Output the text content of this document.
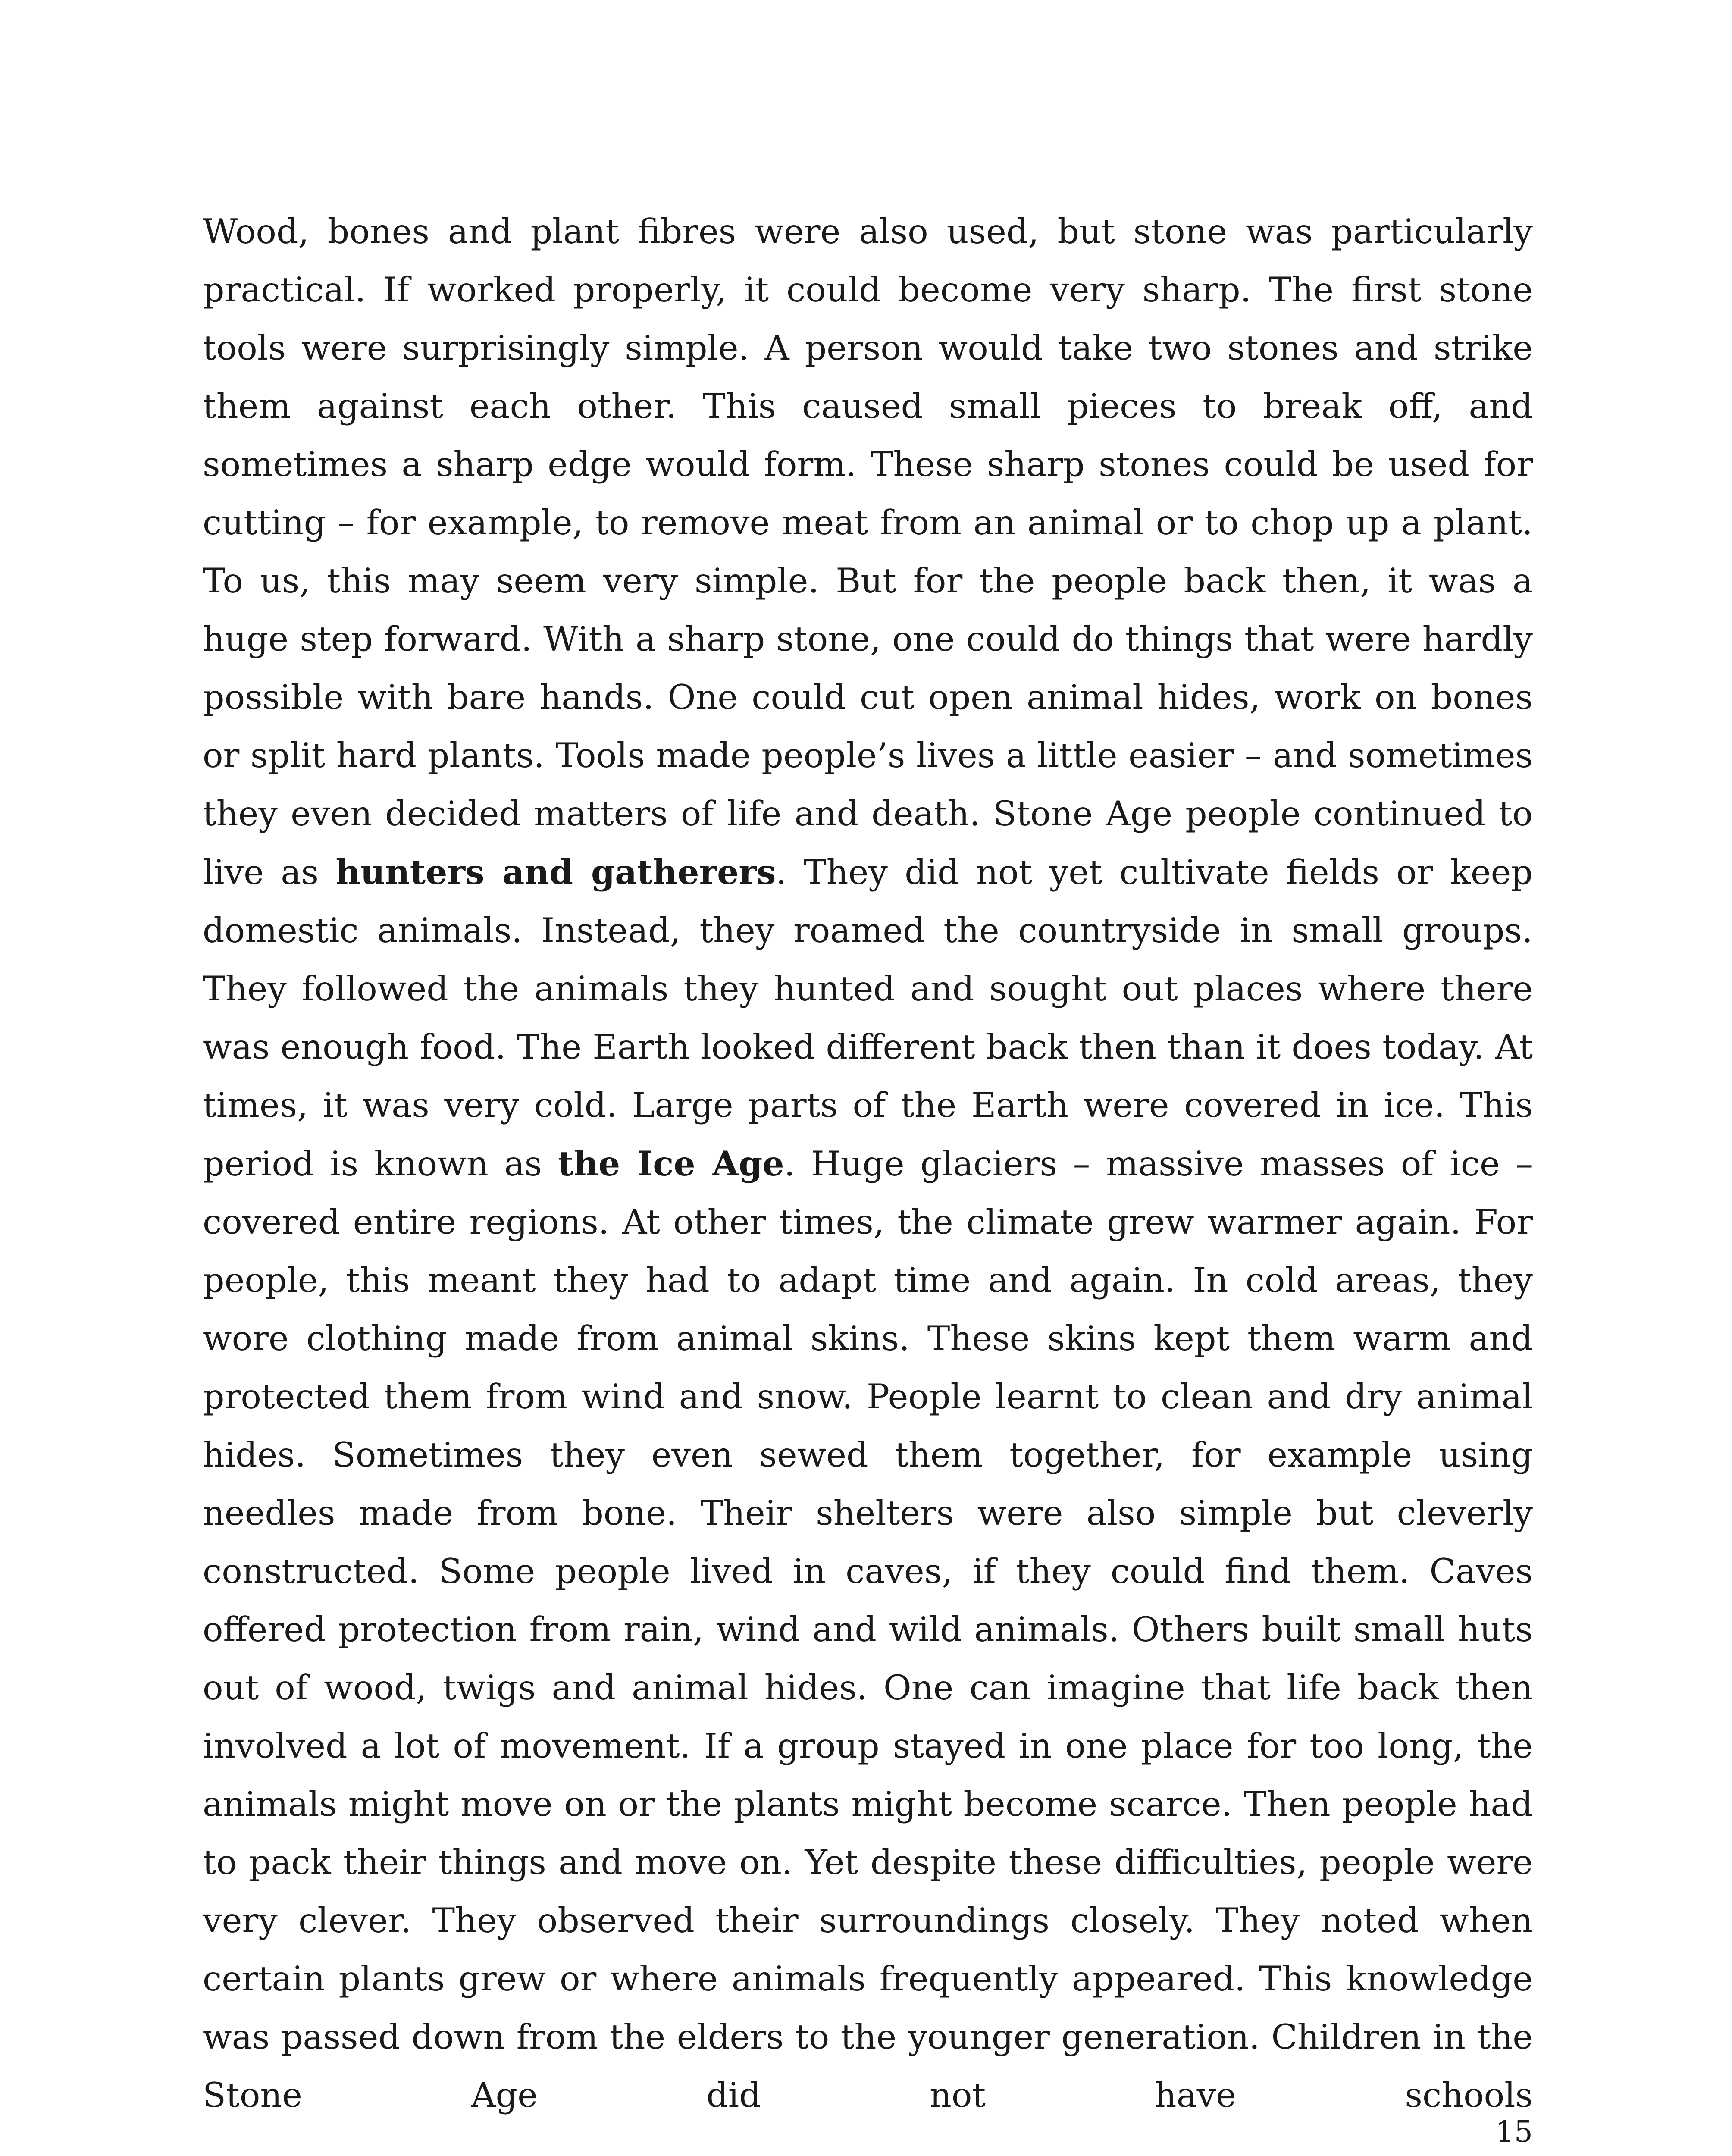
Wood, bones and plant fibres were also used, but stone was particularly practical. If worked properly, it could become very sharp. The first stone tools were surprisingly simple. A person would take two stones and strike them against each other. This caused small pieces to break off, and sometimes a sharp edge would form. These sharp stones could be used for cutting – for example, to remove meat from an animal or to chop up a plant. To us, this may seem very simple. But for the people back then, it was a huge step forward. With a sharp stone, one could do things that were hardly possible with bare hands. One could cut open animal hides, work on bones or split hard plants. Tools made people’s lives a little easier – and sometimes they even decided matters of life and death. Stone Age people continued to live as hunters and gatherers. They did not yet cultivate fields or keep domestic animals. Instead, they roamed the countryside in small groups. They followed the animals they hunted and sought out places where there was enough food. The Earth looked different back then than it does today. At times, it was very cold. Large parts of the Earth were covered in ice. This period is known as the Ice Age. Huge glaciers – massive masses of ice – covered entire regions. At other times, the climate grew warmer again. For people, this meant they had to adapt time and again. In cold areas, they wore clothing made from animal skins. These skins kept them warm and protected them from wind and snow. People learnt to clean and dry animal hides. Sometimes they even sewed them together, for example using needles made from bone. Their shelters were also simple but cleverly constructed. Some people lived in caves, if they could find them. Caves offered protection from rain, wind and wild animals. Others built small huts out of wood, twigs and animal hides. One can imagine that life back then involved a lot of movement. If a group stayed in one place for too long, the animals might move on or the plants might become scarce. Then people had to pack their things and move on. Yet despite these difficulties, people were very clever. They observed their surroundings closely. They noted when certain plants grew or where animals frequently appeared. This knowledge was passed down from the elders to the younger generation. Children in the Stone Age did not have schools

15
